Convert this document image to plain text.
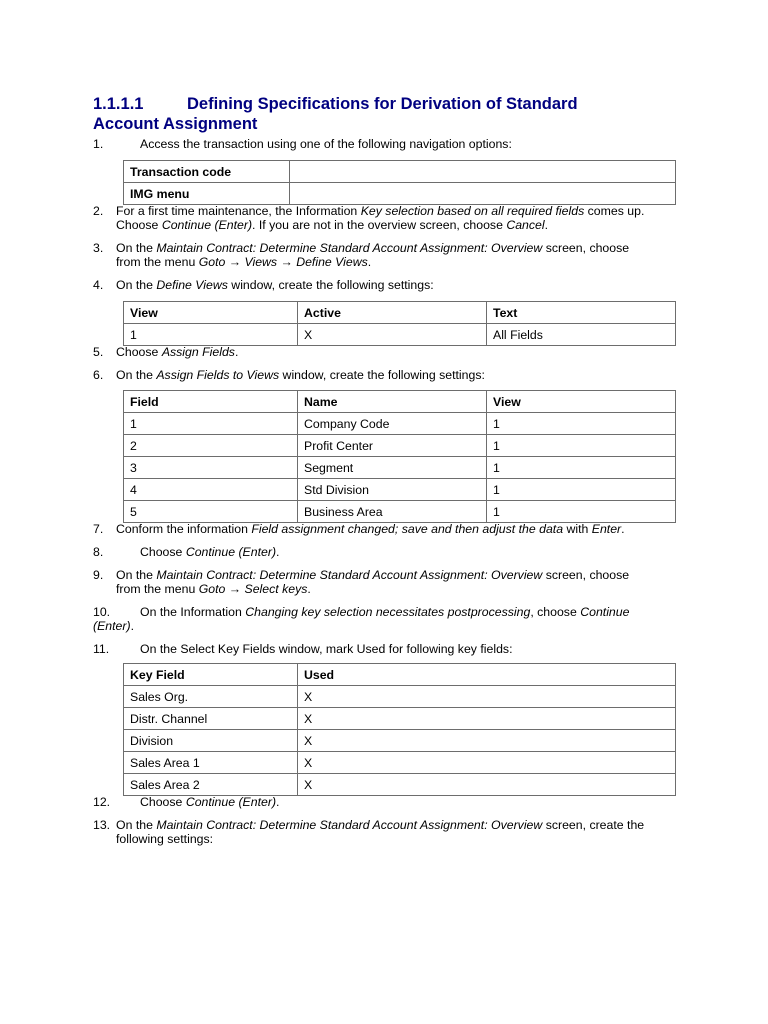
1.1.1.1	Defining Specifications for Derivation of Standard
Account Assignment
1.	Access the transaction using one of the following navigation options:
Transaction code	
IMG menu	
2. For a first time maintenance, the Information Key selection based on all required fields comes up.
Choose Continue (Enter). If you are not in the overview screen, choose Cancel.
3. On the Maintain Contract: Determine Standard Account Assignment: Overview screen, choose
from the menu Goto → Views → Define Views.
4. On the Define Views window, create the following settings:
View	Active	Text
1	X	All Fields
5. Choose Assign Fields.
6. On the Assign Fields to Views window, create the following settings:
Field	Name	View
1	Company Code	1
2	Profit Center	1
3	Segment	1
4	Std Division	1
5	Business Area	1
7. Conform the information Field assignment changed; save and then adjust the data with Enter.
8.	Choose Continue (Enter).
9. On the Maintain Contract: Determine Standard Account Assignment: Overview screen, choose
from the menu Goto → Select keys.
10. On the Information Changing key selection necessitates postprocessing, choose Continue
(Enter).
11.	On the Select Key Fields window, mark Used for following key fields:
Key Field	Used
Sales Org.	X
Distr. Channel	X
Division	X
Sales Area 1	X
Sales Area 2	X
12. Choose Continue (Enter).
13. On the Maintain Contract: Determine Standard Account Assignment: Overview screen, create the
following settings:
